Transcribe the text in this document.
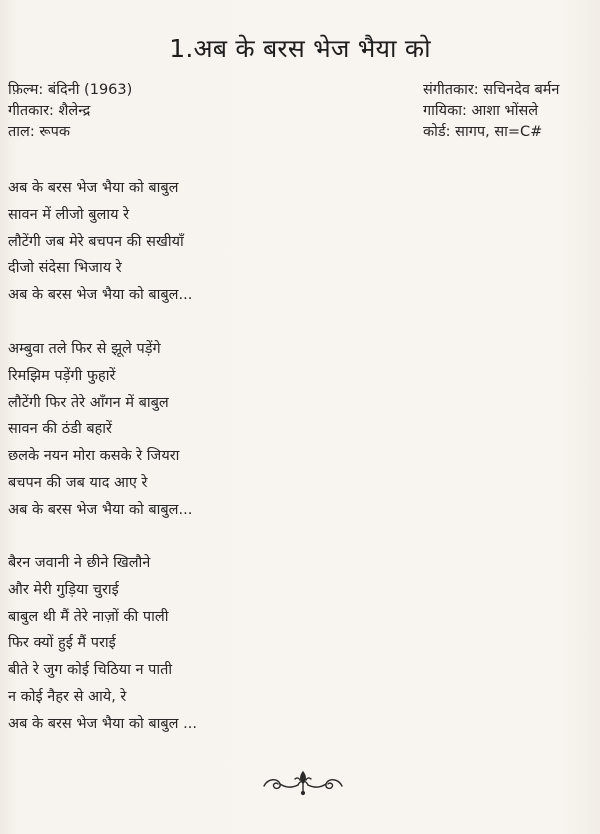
1.अब के बरस भेज भैया को
फ़िल्म: बंदिनी (1963)
गीतकार: शैलेन्द्र
ताल: रूपक
संगीतकार: सचिनदेव बर्मन
गायिका: आशा भोंसले
कोर्ड: सागप, सा=C#
अब के बरस भेज भैया को बाबुल
सावन में लीजो बुलाय रे
लौटेंगी जब मेरे बचपन की सखीयाँ
दीजो संदेसा भिजाय रे
अब के बरस भेज भैया को बाबुल...
अम्बुवा तले फिर से झूले पड़ेंगे
रिमझिम पड़ेंगी फुहारें
लौटेंगी फिर तेरे आँगन में बाबुल
सावन की ठंडी बहारें
छलके नयन मोरा कसके रे जियरा
बचपन की जब याद आए रे
अब के बरस भेज भैया को बाबुल...
बैरन जवानी ने छीने खिलौने
और मेरी गुड़िया चुराई
बाबुल थी मैं तेरे नाज़ों की पाली
फिर क्यों हुई मैं पराई
बीते रे जुग कोई चिठिया न पाती
न कोई नैहर से आये, रे
अब के बरस भेज भैया को बाबुल ...
